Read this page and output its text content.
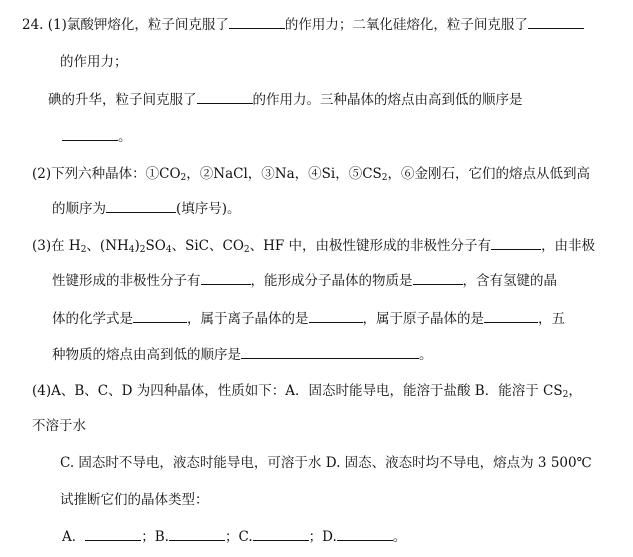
24. (1)氯酸钾熔化，粒子间克服了	的作用力；二氧化硅熔化，粒子间克服了
的作用力；
碘的升华，粒子间克服了	的作用力。三种晶体的熔点由高到低的顺序是
。
(2)下列六种晶体：$①CO_2$，②NaCl，③Na，④Si，$⑤CS_2$，⑥金刚石，它们的熔点从低到高
的顺序为	(填序号)。
(3)在 $H_2$、$(NH_4)_2SO_4$、SiC、$CO_2$、HF 中，由极性键形成的非极性分子有	，由非极
性键形成的非极性分子有	，能形成分子晶体的物质是	，含有氢键的晶
体的化学式是	，属于离子晶体的是	，属于原子晶体的是	，五
种物质的熔点由高到低的顺序是	。
(4)A、B、C、D 为四种晶体，性质如下：A．固态时能导电，能溶于盐酸 B．能溶于 $CS_2$，
不溶于水
C. 固态时不导电，液态时能导电，可溶于水 D. 固态、液态时均不导电，熔点为 3 500℃
试推断它们的晶体类型：
A．	；B.	；C.	；D.	。
